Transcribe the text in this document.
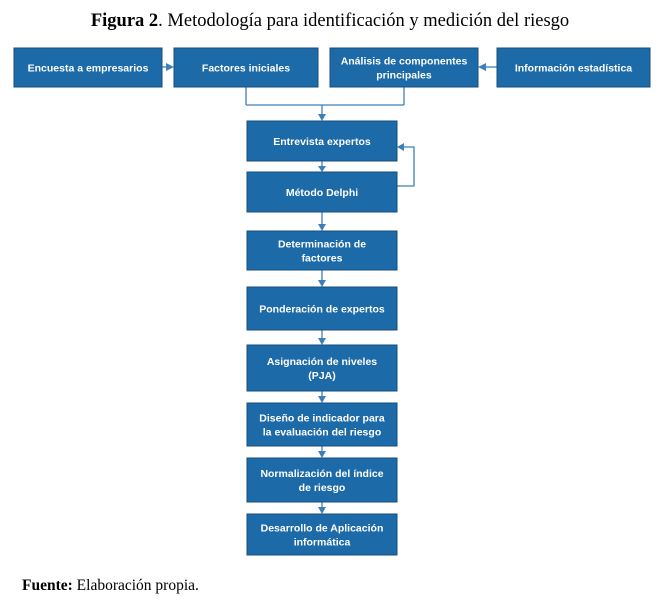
Figura 2. Metodología para identificación y medición del riesgo
Encuesta a empresarios	Factores iniciales
Análisis de componentes
principales
Información estadística
Entrevista expertos
Método Delphi
Determinación de
factores
Ponderación de expertos
Asignación de niveles
(PJA)
Diseño de indicador para
la evaluación del riesgo
Normalización del índice
de riesgo
Desarrollo de Aplicación
informática
Fuente: Elaboración propia.
